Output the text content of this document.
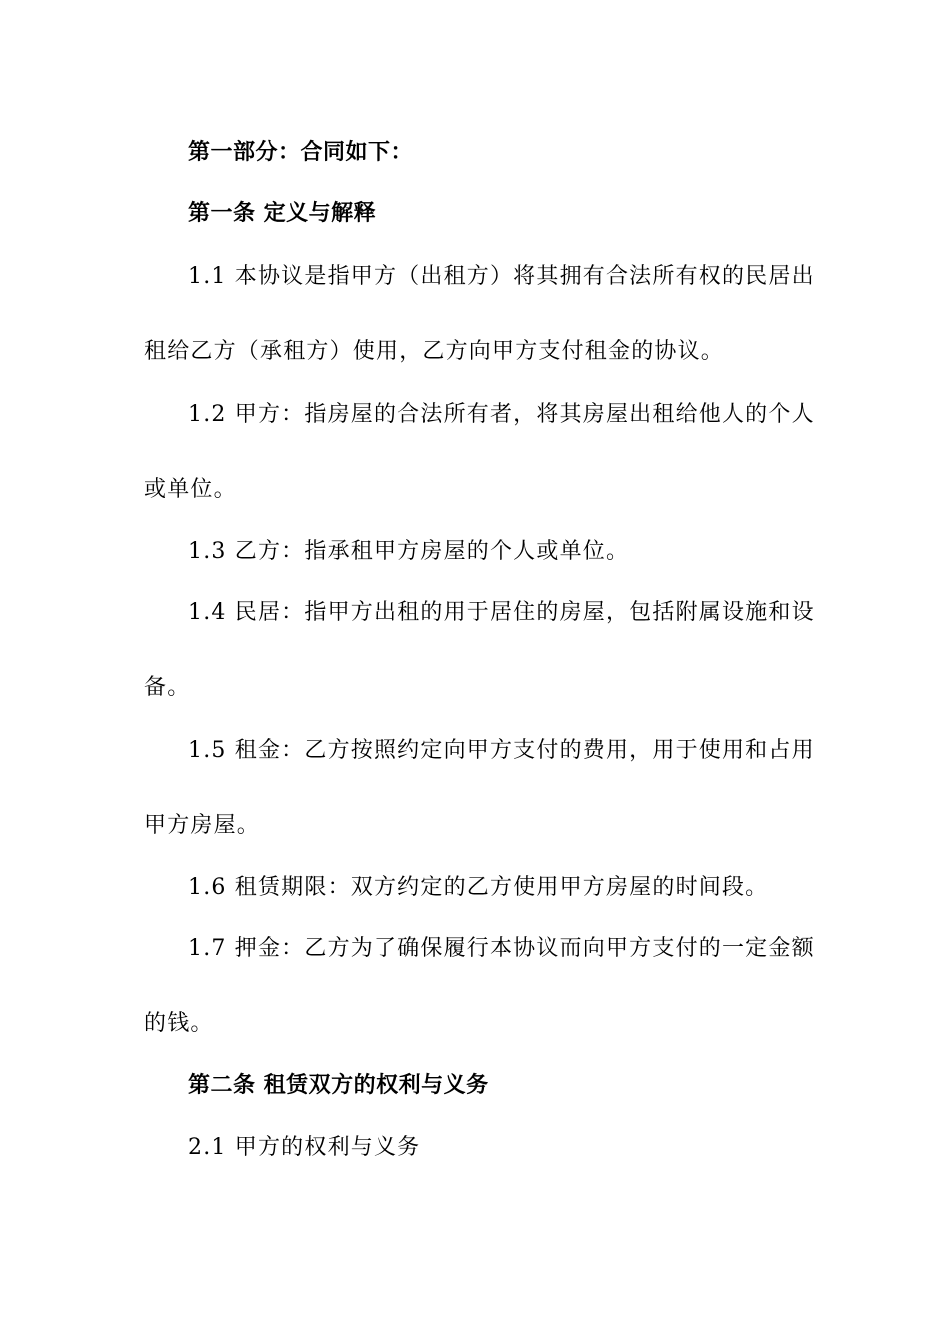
第一部分：合同如下：
第一条 定义与解释
1.1 本协议是指甲方（出租方）将其拥有合法所有权的民居出
租给乙方（承租方）使用，乙方向甲方支付租金的协议。
1.2 甲方：指房屋的合法所有者，将其房屋出租给他人的个人
或单位。
1.3 乙方：指承租甲方房屋的个人或单位。
1.4 民居：指甲方出租的用于居住的房屋，包括附属设施和设
备。
1.5 租金：乙方按照约定向甲方支付的费用，用于使用和占用
甲方房屋。
1.6 租赁期限：双方约定的乙方使用甲方房屋的时间段。
1.7 押金：乙方为了确保履行本协议而向甲方支付的一定金额
的钱。
第二条 租赁双方的权利与义务
2.1 甲方的权利与义务
